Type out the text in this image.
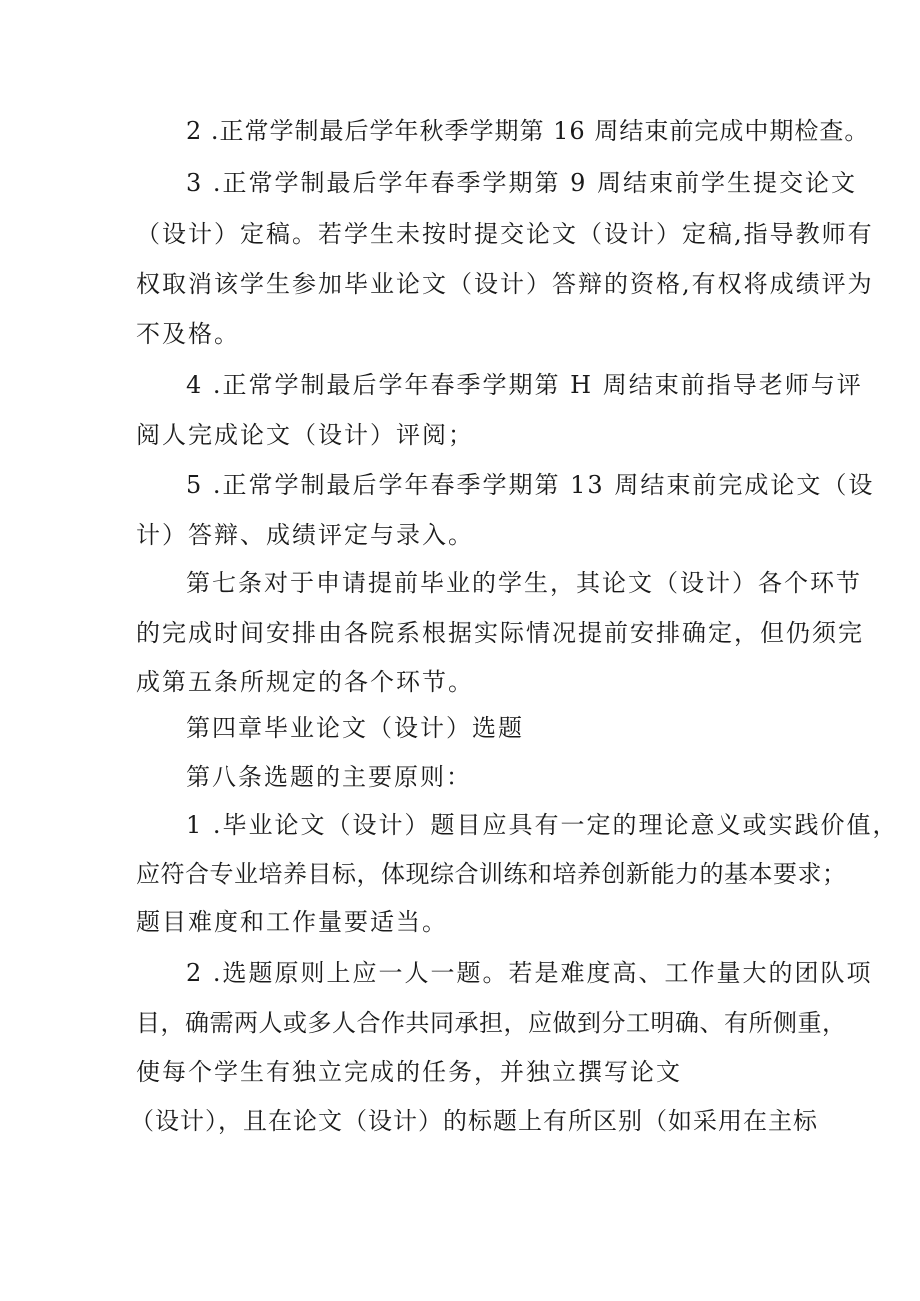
2 .正常学制最后学年秋季学期第 16 周结束前完成中期检查。
3 .正常学制最后学年春季学期第 9 周结束前学生提交论文
（设计）定稿。若学生未按时提交论文（设计）定稿,指导教师有
权取消该学生参加毕业论文（设计）答辩的资格,有权将成绩评为
不及格。
4 .正常学制最后学年春季学期第 H 周结束前指导老师与评
阅人完成论文（设计）评阅；
5 .正常学制最后学年春季学期第 13 周结束前完成论文（设
计）答辩、成绩评定与录入。
第七条对于申请提前毕业的学生，其论文（设计）各个环节
的完成时间安排由各院系根据实际情况提前安排确定，但仍须完
成第五条所规定的各个环节。
第四章毕业论文（设计）选题
第八条选题的主要原则：
1 .毕业论文（设计）题目应具有一定的理论意义或实践价值，
应符合专业培养目标，体现综合训练和培养创新能力的基本要求；
题目难度和工作量要适当。
2 .选题原则上应一人一题。若是难度高、工作量大的团队项
目，确需两人或多人合作共同承担，应做到分工明确、有所侧重，
使每个学生有独立完成的任务，并独立撰写论文
（设计），且在论文（设计）的标题上有所区别（如采用在主标
